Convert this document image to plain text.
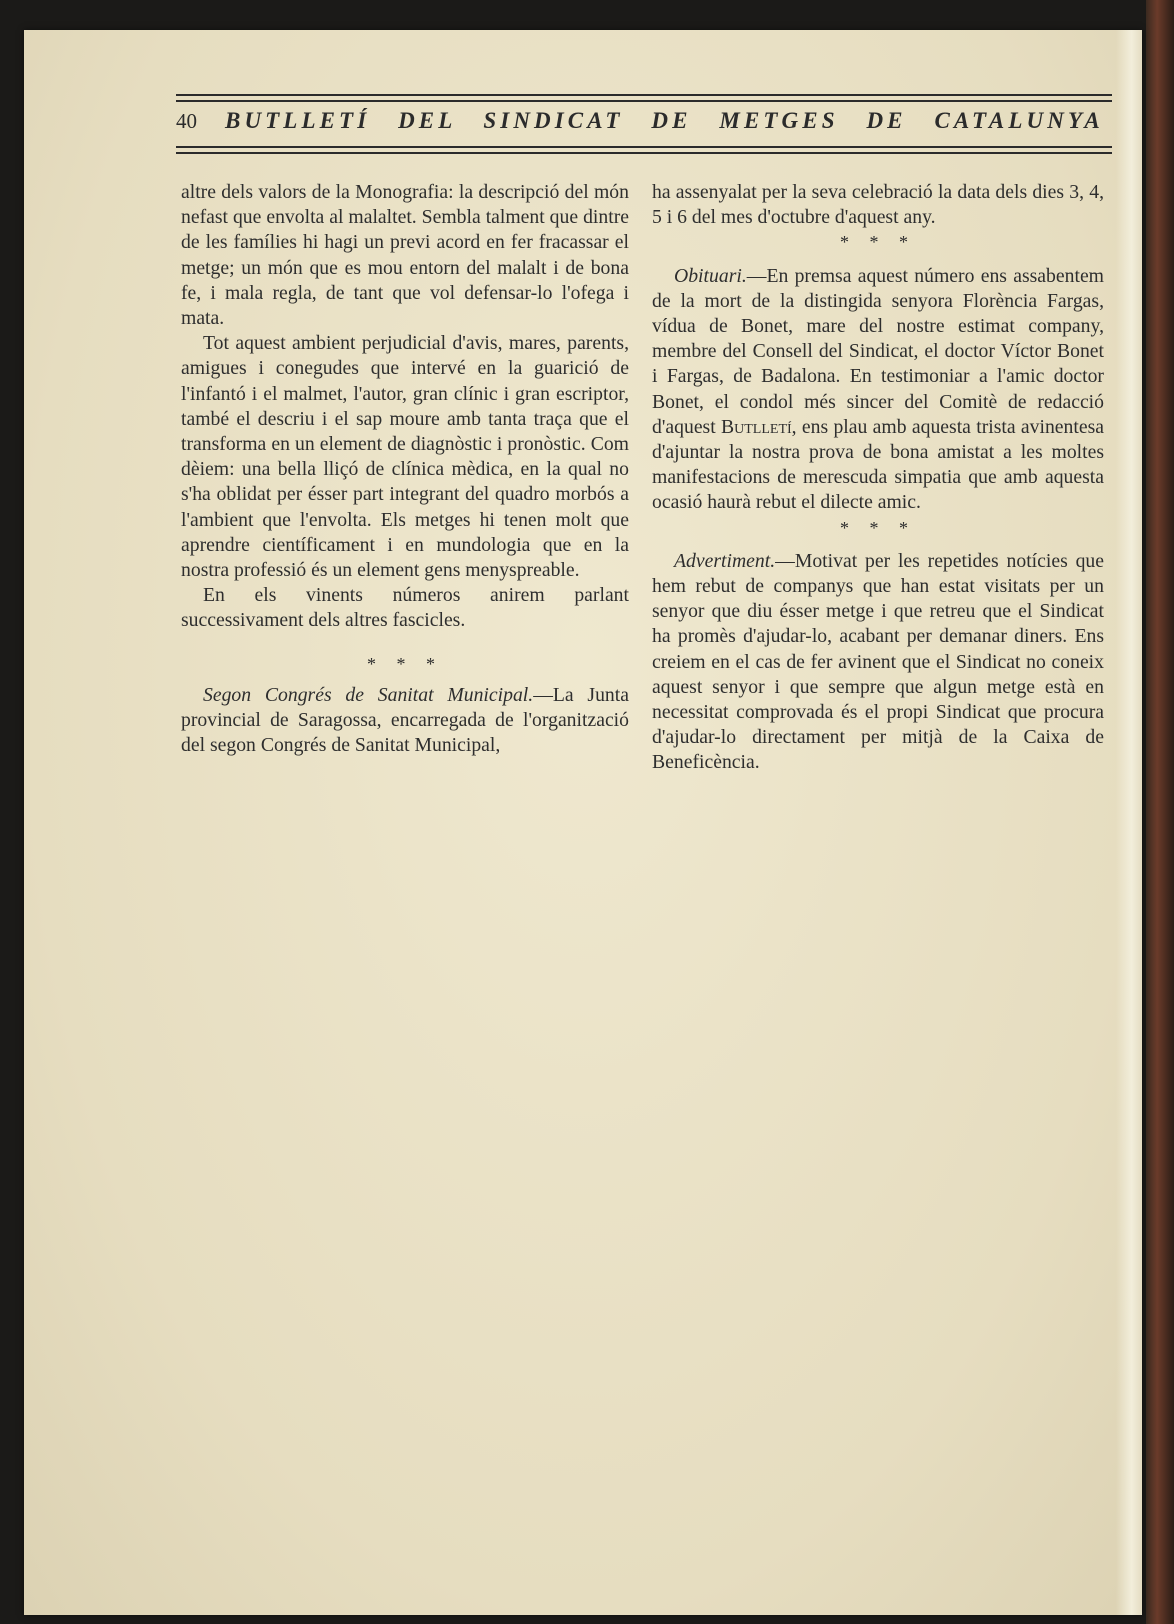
40 BUTLLETÍ DEL SINDICAT DE METGES DE CATALUNYA

altre dels valors de la Monografia: la descripció del món nefast que envolta al malaltet. Sembla talment que dintre de les famílies hi hagi un previ acord en fer fracassar el metge; un món que es mou entorn del malalt i de bona fe, i mala regla, de tant que vol defensar-lo l'ofega i mata.

Tot aquest ambient perjudicial d'avis, mares, parents, amigues i conegudes que intervé en la guarició de l'infantó i el malmet, l'autor, gran clínic i gran escriptor, també el descriu i el sap moure amb tanta traça que el transforma en un element de diagnòstic i pronòstic. Com dèiem: una bella lliçó de clínica mèdica, en la qual no s'ha oblidat per ésser part integrant del quadro morbós a l'ambient que l'envolta. Els metges hi tenen molt que aprendre científicament i en mundologia que en la nostra professió és un element gens menyspreable.

En els vinents números anirem parlant successivament dels altres fascicles.

* * *

Segon Congrés de Sanitat Municipal.—La Junta provincial de Saragossa, encarregada de l'organització del segon Congrés de Sanitat Municipal,

ha assenyalat per la seva celebració la data dels dies 3, 4, 5 i 6 del mes d'octubre d'aquest any.

* * *

Obituari.—En premsa aquest número ens assabentem de la mort de la distingida senyora Florència Fargas, vídua de Bonet, mare del nostre estimat company, membre del Consell del Sindicat, el doctor Víctor Bonet i Fargas, de Badalona. En testimoniar a l'amic doctor Bonet, el condol més sincer del Comitè de redacció d'aquest Butlletí, ens plau amb aquesta trista avinentesa d'ajuntar la nostra prova de bona amistat a les moltes manifestacions de merescuda simpatia que amb aquesta ocasió haurà rebut el dilecte amic.

* * *

Advertiment.—Motivat per les repetides notícies que hem rebut de companys que han estat visitats per un senyor que diu ésser metge i que retreu que el Sindicat ha promès d'ajudar-lo, acabant per demanar diners. Ens creiem en el cas de fer avinent que el Sindicat no coneix aquest senyor i que sempre que algun metge està en necessitat comprovada és el propi Sindicat que procura d'ajudar-lo directament per mitjà de la Caixa de Beneficència.
